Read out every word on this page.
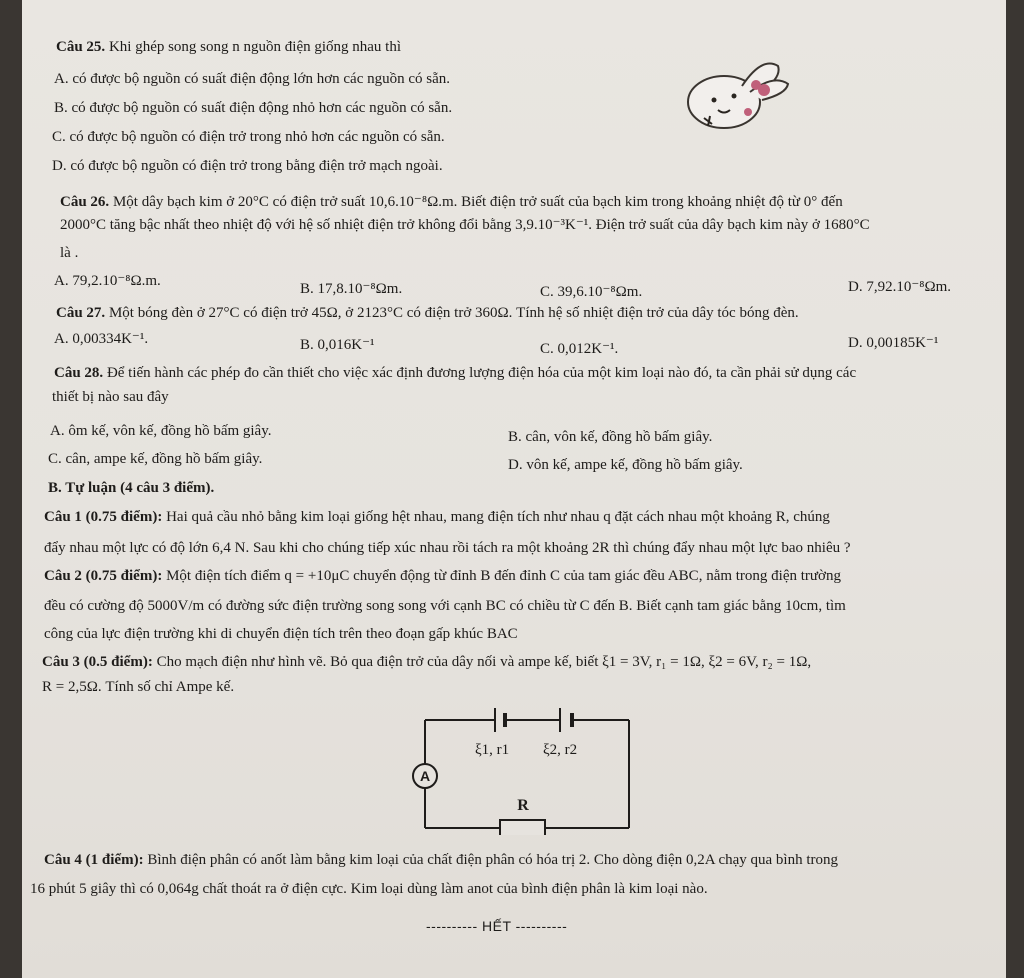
Câu 25. Khi ghép song song n nguồn điện giống nhau thì
A. có được bộ nguồn có suất điện động lớn hơn các nguồn có sẵn.
B. có được bộ nguồn có suất điện động nhỏ hơn các nguồn có sẵn.
C. có được bộ nguồn có điện trở trong nhỏ hơn các nguồn có sẵn.
D. có được bộ nguồn có điện trở trong bằng điện trở mạch ngoài.
Câu 26. Một dây bạch kim ở 20°C có điện trở suất 10,6.10⁻⁸Ω.m. Biết điện trở suất của bạch kim trong khoảng nhiệt độ từ 0° đến
2000°C tăng bậc nhất theo nhiệt độ với hệ số nhiệt điện trở không đổi bằng 3,9.10⁻³K⁻¹. Điện trở suất của dây bạch kim này ở 1680°C
là .
A. 79,2.10⁻⁸Ω.m.	B. 17,8.10⁻⁸Ωm.	C. 39,6.10⁻⁸Ωm.	D. 7,92.10⁻⁸Ωm.
Câu 27. Một bóng đèn ở 27°C có điện trở 45Ω, ở 2123°C có điện trở 360Ω. Tính hệ số nhiệt điện trở của dây tóc bóng đèn.
A. 0,00334K⁻¹.	B. 0,016K⁻¹	C. 0,012K⁻¹.	D. 0,00185K⁻¹
Câu 28. Để tiến hành các phép đo cần thiết cho việc xác định đương lượng điện hóa của một kim loại nào đó, ta cần phải sử dụng các
thiết bị nào sau đây
A. ôm kế, vôn kế, đồng hồ bấm giây.	B. cân, vôn kế, đồng hồ bấm giây.
C. cân, ampe kế, đồng hồ bấm giây.	D. vôn kế, ampe kế, đồng hồ bấm giây.
B. Tự luận (4 câu 3 điểm).
Câu 1 (0.75 điểm): Hai quả cầu nhỏ bằng kim loại giống hệt nhau, mang điện tích như nhau q đặt cách nhau một khoảng R, chúng
đẩy nhau một lực có độ lớn 6,4 N. Sau khi cho chúng tiếp xúc nhau rồi tách ra một khoảng 2R thì chúng đẩy nhau một lực bao nhiêu ?
Câu 2 (0.75 điểm): Một điện tích điểm q = +10μC chuyển động từ đỉnh B đến đỉnh C của tam giác đều ABC, nằm trong điện trường
đều có cường độ 5000V/m có đường sức điện trường song song với cạnh BC có chiều từ C đến B. Biết cạnh tam giác bằng 10cm, tìm
công của lực điện trường khi di chuyển điện tích trên theo đoạn gấp khúc BAC
Câu 3 (0.5 điểm): Cho mạch điện như hình vẽ. Bỏ qua điện trở của dây nối và ampe kế, biết ξ1 = 3V, r₁ = 1Ω, ξ2 = 6V, r₂ = 1Ω,
R = 2,5Ω. Tính số chỉ Ampe kế.
A
R
ξ1, r1 ξ2, r2
Câu 4 (1 điểm): Bình điện phân có anốt làm bằng kim loại của chất điện phân có hóa trị 2. Cho dòng điện 0,2A chạy qua bình trong
16 phút 5 giây thì có 0,064g chất thoát ra ở điện cực. Kim loại dùng làm anot của bình điện phân là kim loại nào.
---------- HẾT ----------
